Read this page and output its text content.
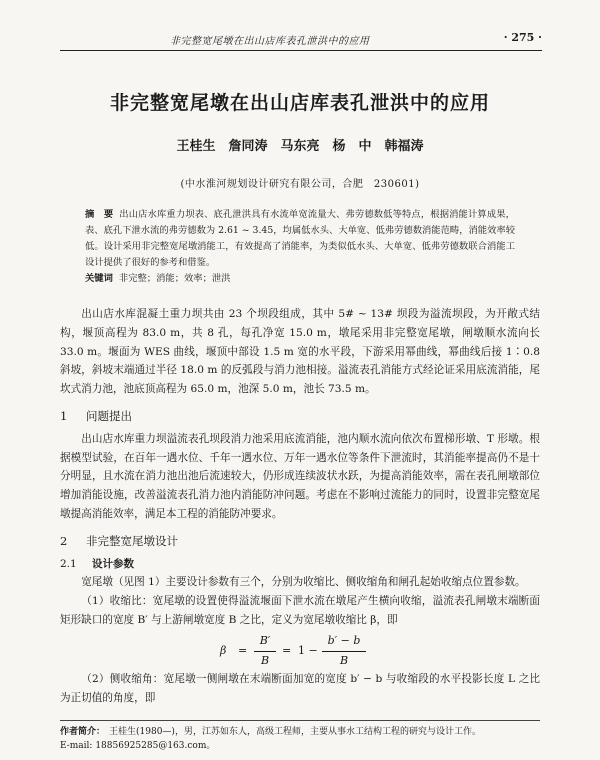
非完整宽尾墩在出山店库表孔泄洪中的应用	· 275 ·
非完整宽尾墩在出山店库表孔泄洪中的应用
王桂生　詹同涛　马东亮　杨　中　韩福涛
(中水淮河规划设计研究有限公司，合肥　230601)
摘　要 出山店水库重力坝表、底孔泄洪具有水流单宽流量大、弗劳德数低等特点，根据消能计算成果，表、底孔下泄水流的弗劳德数为 2.61 ~ 3.45，均属低水头、大单宽、低弗劳德数消能范畴，消能效率较低。设计采用非完整宽尾墩消能工，有效提高了消能率，为类似低水头、大单宽、低弗劳德数联合消能工设计提供了很好的参考和借鉴。
关键词 非完整；消能；效率；泄洪

出山店水库混凝土重力坝共由 23 个坝段组成，其中 5# ~ 13# 坝段为溢流坝段，为开敞式结构，堰顶高程为 83.0 m，共 8 孔，每孔净宽 15.0 m，墩尾采用非完整宽尾墩，闸墩顺水流向长 33.0 m。堰面为 WES 曲线，堰顶中部设 1.5 m 宽的水平段，下游采用幂曲线，幂曲线后接 1∶0.8 斜坡，斜坡末端通过半径 18.0 m 的反弧段与消力池相接。溢流表孔消能方式经论证采用底流消能，尾坎式消力池，池底顶高程为 65.0 m，池深 5.0 m，池长 73.5 m。

1 问题提出

出山店水库重力坝溢流表孔坝段消力池采用底流消能，池内顺水流向依次布置梯形墩、T 形墩。根据模型试验，在百年一遇水位、千年一遇水位、万年一遇水位等条件下泄流时，其消能率提高仍不是十分明显，且水流在消力池出池后流速较大，仍形成连续波状水跃，为提高消能效率，需在表孔闸墩部位增加消能设施，改善溢流表孔消力池内消能防冲问题。考虑在不影响过流能力的同时，设置非完整宽尾墩提高消能效率，满足本工程的消能防冲要求。

2 非完整宽尾墩设计
2.1 设计参数

宽尾墩（见图 1）主要设计参数有三个，分别为收缩比、侧收缩角和闸孔起始收缩点位置参数。

（1）收缩比：宽尾墩的设置使得溢流堰面下泄水流在墩尾产生横向收缩，溢流表孔闸墩末端断面矩形缺口的宽度 B′ 与上游闸墩宽度 B 之比，定义为宽尾墩收缩比 β，即

β =
B′
B
= 1 −
b′ − b
B

（2）侧收缩角：宽尾墩一侧闸墩在末端断面加宽的宽度 b′ − b 与收缩段的水平投影长度 L 之比为正切值的角度，即

作者简介： 王桂生(1980—)，男，江苏如东人，高级工程师，主要从事水工结构工程的研究与设计工作。
E-mail: 18856925285@163.com。
